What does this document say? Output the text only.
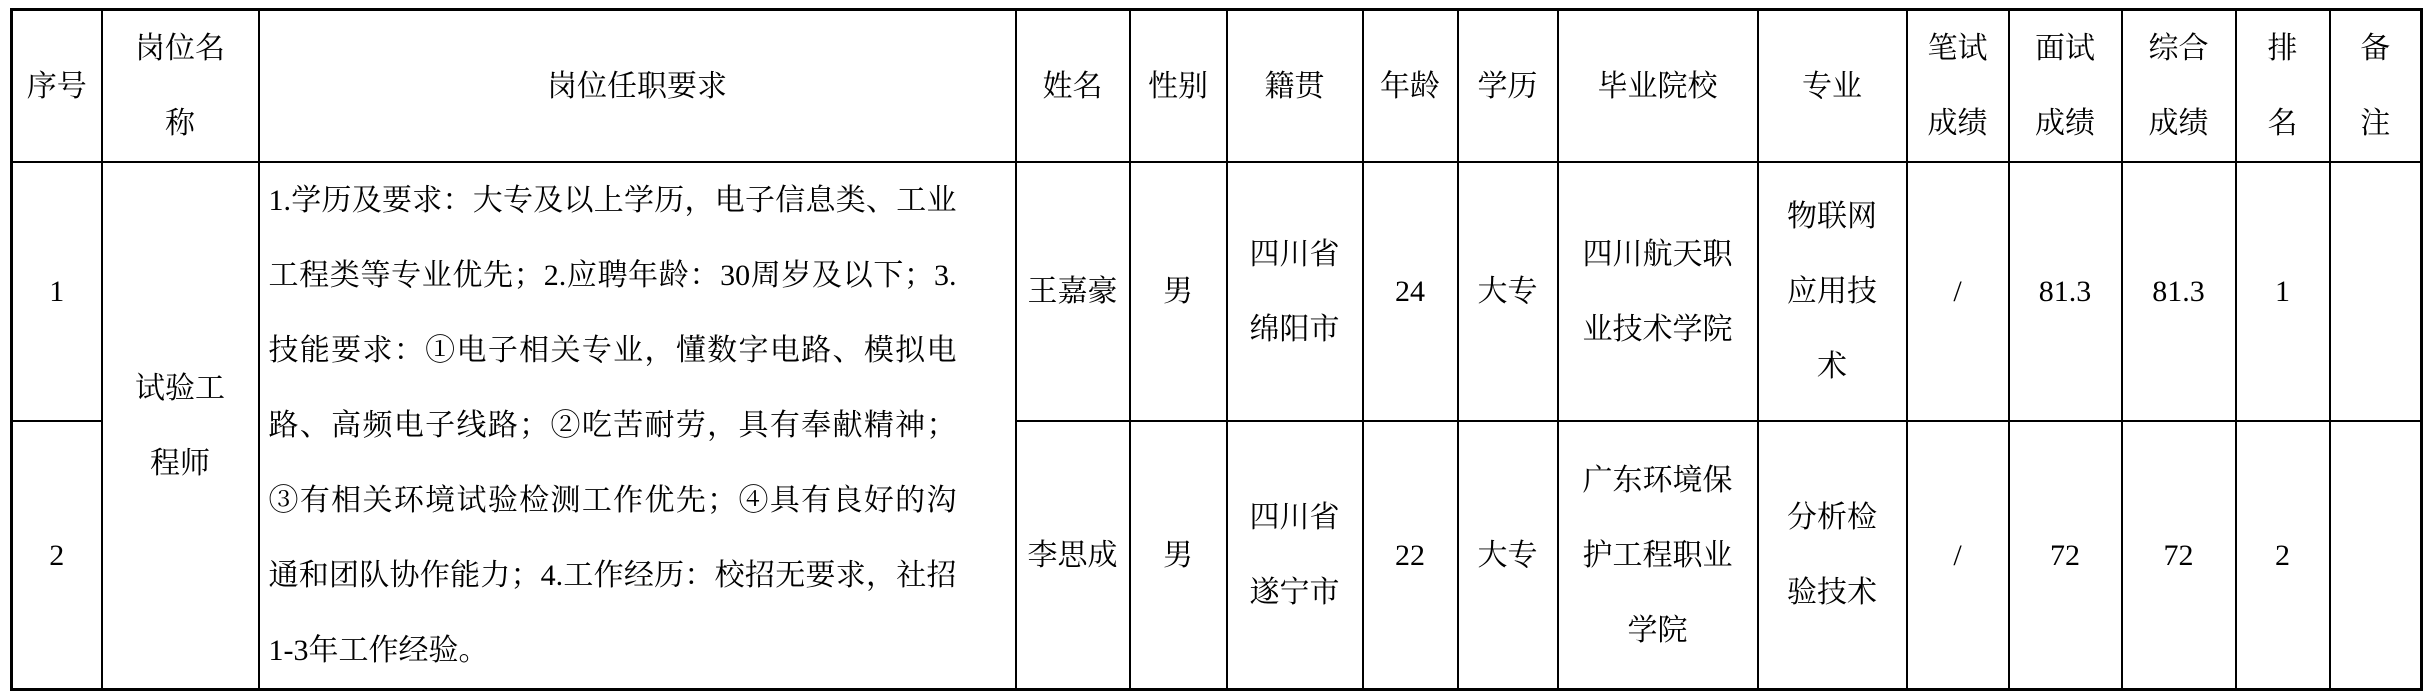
序号	岗位名称	岗位任职要求	姓名	性别	籍贯	年龄	学历	毕业院校	专业	笔试成绩	面试成绩	综合成绩	排名	备注

1	试验工程师	1.学历及要求：大专及以上学历，电子信息类、工业工程类等专业优先；2.应聘年龄：30周岁及以下；3.技能要求：①电子相关专业，懂数字电路、模拟电路、高频电子线路；②吃苦耐劳，具有奉献精神；③有相关环境试验检测工作优先；④具有良好的沟通和团队协作能力；4.工作经历：校招无要求，社招1-3年工作经验。	王嘉豪	男	四川省绵阳市	24	大专	四川航天职业技术学院	物联网应用技术	/	81.3	81.3	1	
2			李思成	男	四川省遂宁市	22	大专	广东环境保护工程职业学院	分析检验技术	/	72	72	2	
